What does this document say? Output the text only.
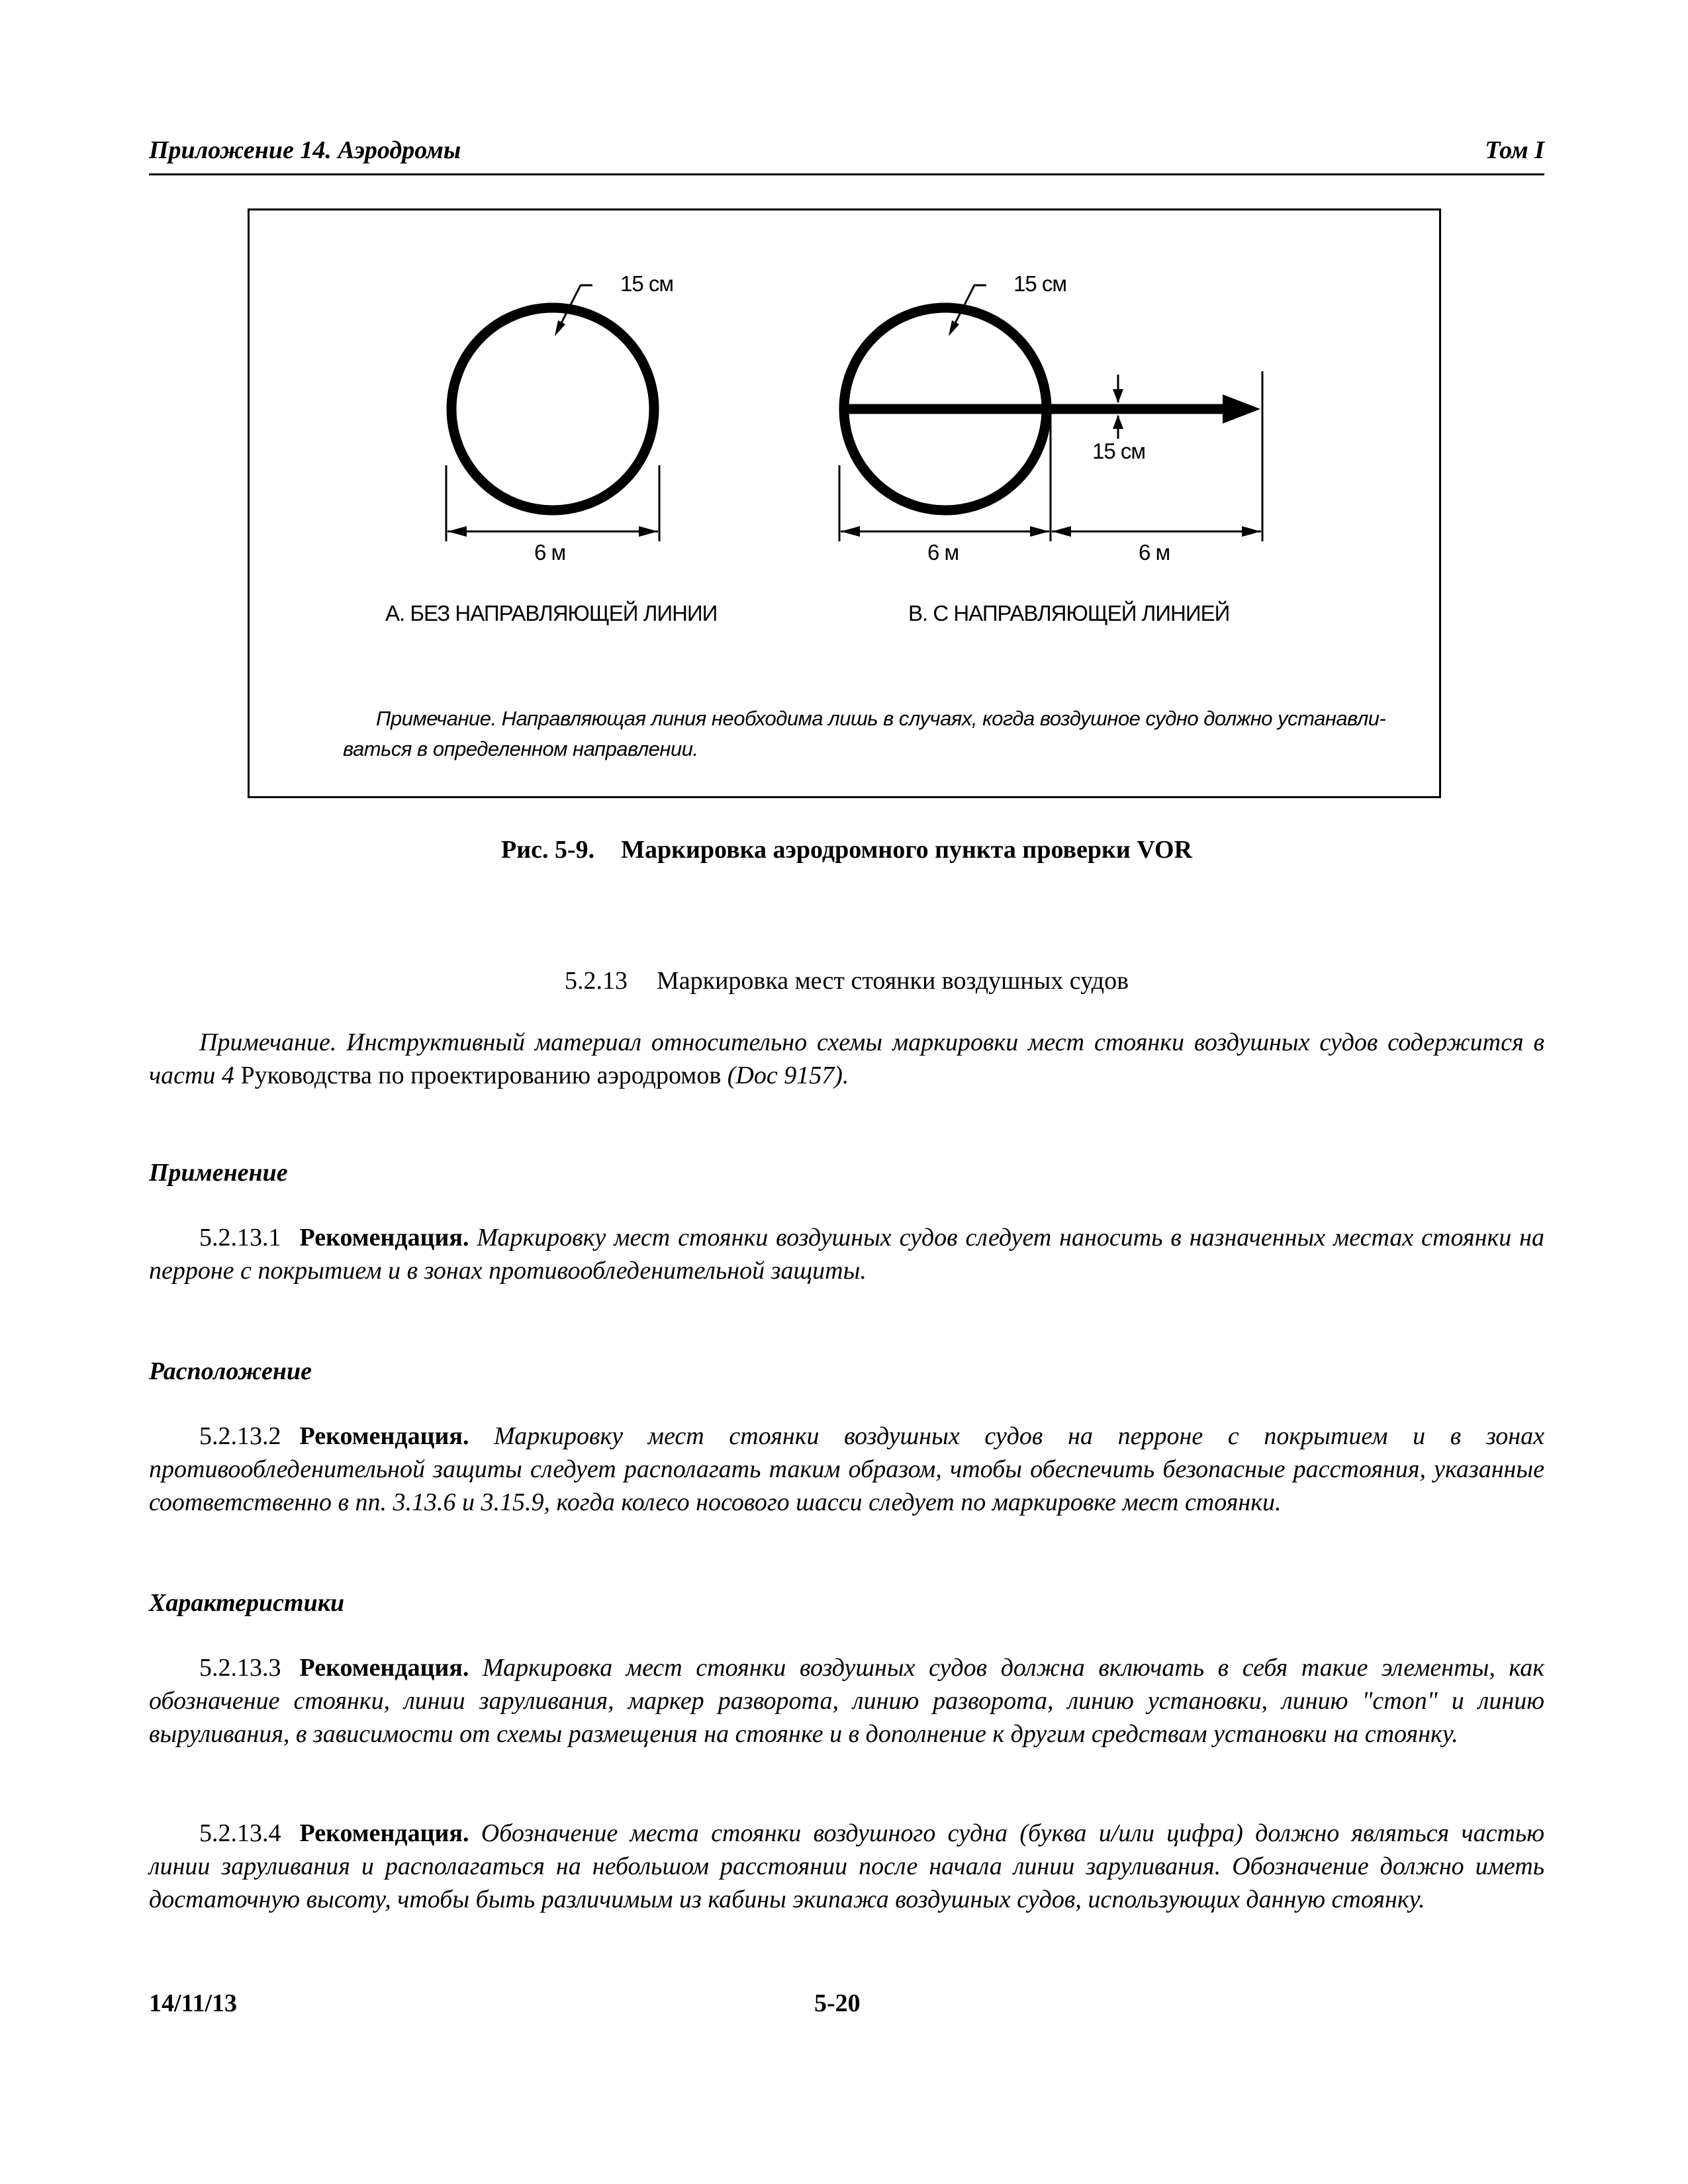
Приложение 14. Аэродромы	Том I
15 см	15 см
15 см
6 м	6 м	6 м
А. БЕЗ НАПРАВЛЯЮЩЕЙ ЛИНИИ	В. С НАПРАВЛЯЮЩЕЙ ЛИНИЕЙ
Примечание. Направляющая линия необходима лишь в случаях, когда воздушное судно должно устанавли-
ваться в определенном направлении.
Рис. 5-9. Маркировка аэродромного пункта проверки VOR
5.2.13 Маркировка мест стоянки воздушных судов
Примечание. Инструктивный материал относительно схемы маркировки мест стоянки воздушных судов содержится в части 4 Руководства по проектированию аэродромов (Doc 9157).
Применение
5.2.13.1 Рекомендация. Маркировку мест стоянки воздушных судов следует наносить в назначенных местах стоянки на перроне с покрытием и в зонах противообледенительной защиты.
Расположение
5.2.13.2 Рекомендация. Маркировку мест стоянки воздушных судов на перроне с покрытием и в зонах противообледенительной защиты следует располагать таким образом, чтобы обеспечить безопасные расстояния, указанные соответственно в пп. 3.13.6 и 3.15.9, когда колесо носового шасси следует по маркировке мест стоянки.
Характеристики
5.2.13.3 Рекомендация. Маркировка мест стоянки воздушных судов должна включать в себя такие элементы, как обозначение стоянки, линии заруливания, маркер разворота, линию разворота, линию установки, линию "стоп" и линию выруливания, в зависимости от схемы размещения на стоянке и в дополнение к другим средствам установки на стоянку.
5.2.13.4 Рекомендация. Обозначение места стоянки воздушного судна (буква и/или цифра) должно являться частью линии заруливания и располагаться на небольшом расстоянии после начала линии заруливания. Обозначение должно иметь достаточную высоту, чтобы быть различимым из кабины экипажа воздушных судов, использующих данную стоянку.
14/11/13	5-20
